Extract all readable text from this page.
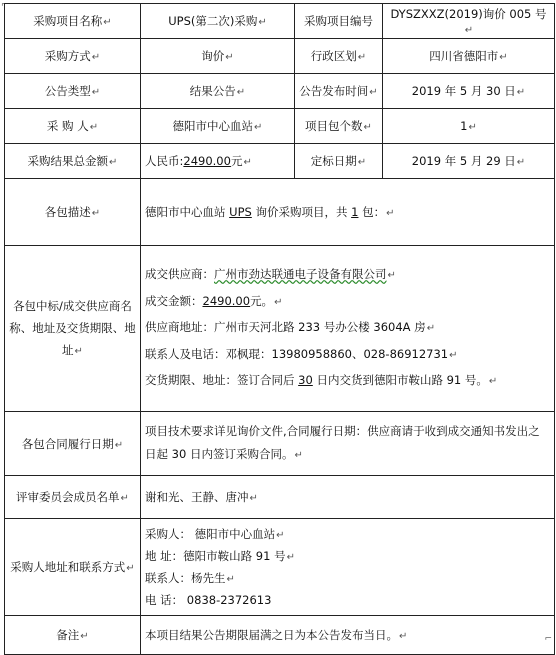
⌐
采购项目名称↵	UPS(第二次)采购↵	采购项目编号	DYSZXXZ(2019)询价 005 号↵
采购方式↵	询价↵	行政区划↵	四川省德阳市↵
公告类型↵	结果公告↵	公告发布时间↵	2019 年 5 月 30 日↵
采 购 人↵	德阳市中心血站↵	项目包个数↵	1↵
采购结果总金额↵	人民币:2490.00元↵	定标日期↵	2019 年 5 月 29 日↵
各包描述↵	德阳市中心血站 UPS 询价采购项目，共 1 包：↵		
各包中标/成交供应商名称、地址及交货期限、地址↵	成交供应商：广州市劲达联通电子设备有限公司↵
成交金额：2490.00元。↵
供应商地址：广州市天河北路 233 号办公楼 3604A 房↵
联系人及电话：邓枫琨：13980958860、028-86912731↵
交货期限、地址：签订合同后 30 日内交货到德阳市鞍山路 91 号。↵		

各包合同履行日期↵	项目技术要求详见询价文件,合同履行日期：供应商请于收到成交通知书发出之日起 30 日内签订采购合同。↵		
评审委员会成员名单↵	谢和光、王静、唐冲↵		
采购人地址和联系方式↵	采购人： 德阳市中心血站↵
地 址：德阳市鞍山路 91 号↵
联系人：杨先生↵
电 话： 0838-2372613		

备注↵	本项目结果公告期限届满之日为本公告发布当日。↵			⌐
